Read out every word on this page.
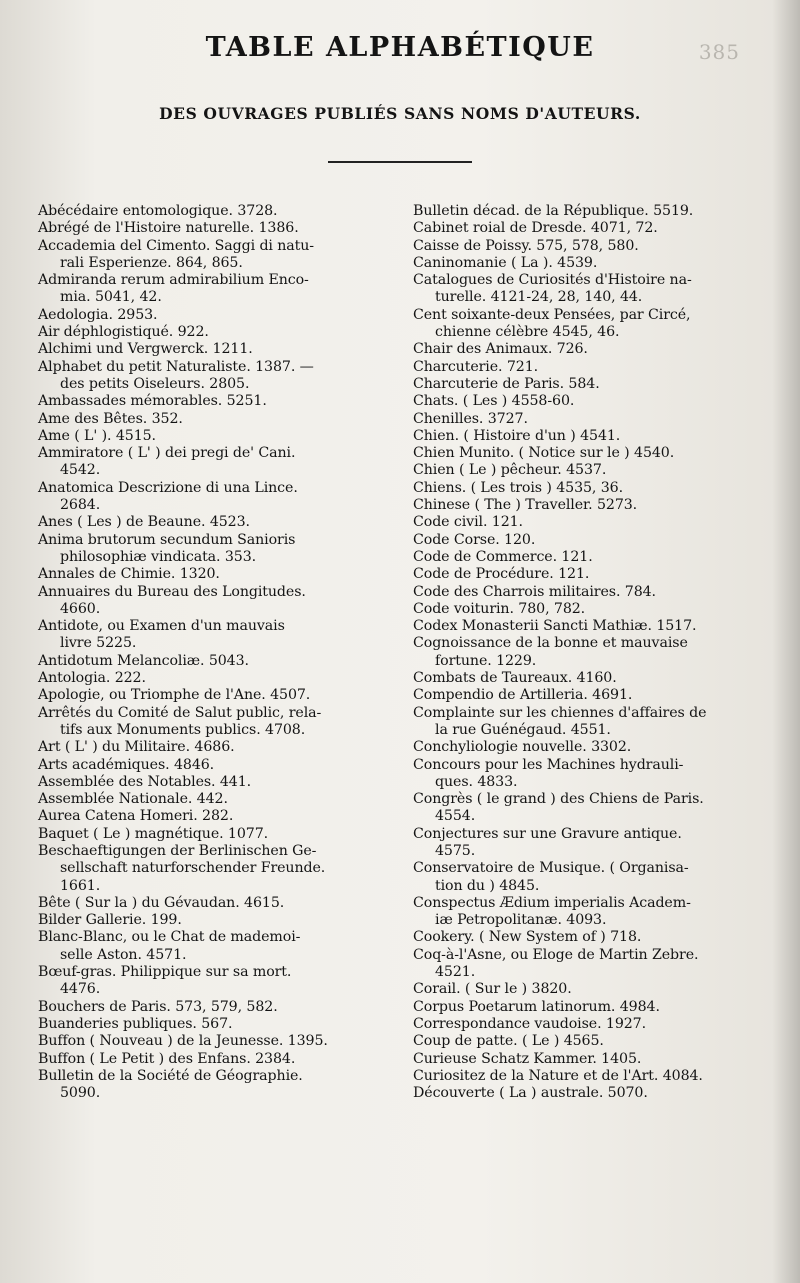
385
TABLE ALPHABÉTIQUE
DES OUVRAGES PUBLIÉS SANS NOMS D'AUTEURS.

Abécédaire entomologique. 3728.

Abrégé de l'Histoire naturelle. 1386.

Accademia del Cimento. Saggi di natu-
rali Esperienze. 864, 865.

Admiranda rerum admirabilium Enco-
mia. 5041, 42.

Aedologia. 2953.

Air déphlogistiqué. 922.

Alchimi und Vergwerck. 1211.

Alphabet du petit Naturaliste. 1387. —
des petits Oiseleurs. 2805.

Ambassades mémorables. 5251.

Ame des Bêtes. 352.

Ame ( L' ). 4515.

Ammiratore ( L' ) dei pregi de' Cani.
4542.

Anatomica Descrizione di una Lince.
2684.

Anes ( Les ) de Beaune. 4523.

Anima brutorum secundum Sanioris
philosophiæ vindicata. 353.

Annales de Chimie. 1320.

Annuaires du Bureau des Longitudes.
4660.

Antidote, ou Examen d'un mauvais
livre 5225.

Antidotum Melancoliæ. 5043.

Antologia. 222.

Apologie, ou Triomphe de l'Ane. 4507.

Arrêtés du Comité de Salut public, rela-
tifs aux Monuments publics. 4708.

Art ( L' ) du Militaire. 4686.

Arts académiques. 4846.

Assemblée des Notables. 441.

Assemblée Nationale. 442.

Aurea Catena Homeri. 282.

Baquet ( Le ) magnétique. 1077.

Beschaeftigungen der Berlinischen Ge-
sellschaft naturforschender Freunde.
1661.

Bête ( Sur la ) du Gévaudan. 4615.

Bilder Gallerie. 199.

Blanc-Blanc, ou le Chat de mademoi-
selle Aston. 4571.

Bœuf-gras. Philippique sur sa mort.
4476.

Bouchers de Paris. 573, 579, 582.

Buanderies publiques. 567.

Buffon ( Nouveau ) de la Jeunesse. 1395.

Buffon ( Le Petit ) des Enfans. 2384.

Bulletin de la Société de Géographie.
5090.

Bulletin décad. de la République. 5519.

Cabinet roial de Dresde. 4071, 72.

Caisse de Poissy. 575, 578, 580.

Caninomanie ( La ). 4539.

Catalogues de Curiosités d'Histoire na-
turelle. 4121-24, 28, 140, 44.

Cent soixante-deux Pensées, par Circé,
chienne célèbre 4545, 46.

Chair des Animaux. 726.

Charcuterie. 721.

Charcuterie de Paris. 584.

Chats. ( Les ) 4558-60.

Chenilles. 3727.

Chien. ( Histoire d'un ) 4541.

Chien Munito. ( Notice sur le ) 4540.

Chien ( Le ) pêcheur. 4537.

Chiens. ( Les trois ) 4535, 36.

Chinese ( The ) Traveller. 5273.

Code civil. 121.

Code Corse. 120.

Code de Commerce. 121.

Code de Procédure. 121.

Code des Charrois militaires. 784.

Code voiturin. 780, 782.

Codex Monasterii Sancti Mathiæ. 1517.

Cognoissance de la bonne et mauvaise
fortune. 1229.

Combats de Taureaux. 4160.

Compendio de Artilleria. 4691.

Complainte sur les chiennes d'affaires de
la rue Guénégaud. 4551.

Conchyliologie nouvelle. 3302.

Concours pour les Machines hydrauli-
ques. 4833.

Congrès ( le grand ) des Chiens de Paris.
4554.

Conjectures sur une Gravure antique.
4575.

Conservatoire de Musique. ( Organisa-
tion du ) 4845.

Conspectus Ædium imperialis Academ-
iæ Petropolitanæ. 4093.

Cookery. ( New System of ) 718.

Coq-à-l'Asne, ou Eloge de Martin Zebre.
4521.

Corail. ( Sur le ) 3820.

Corpus Poetarum latinorum. 4984.

Correspondance vaudoise. 1927.

Coup de patte. ( Le ) 4565.

Curieuse Schatz Kammer. 1405.

Curiositez de la Nature et de l'Art. 4084.

Découverte ( La ) australe. 5070.
